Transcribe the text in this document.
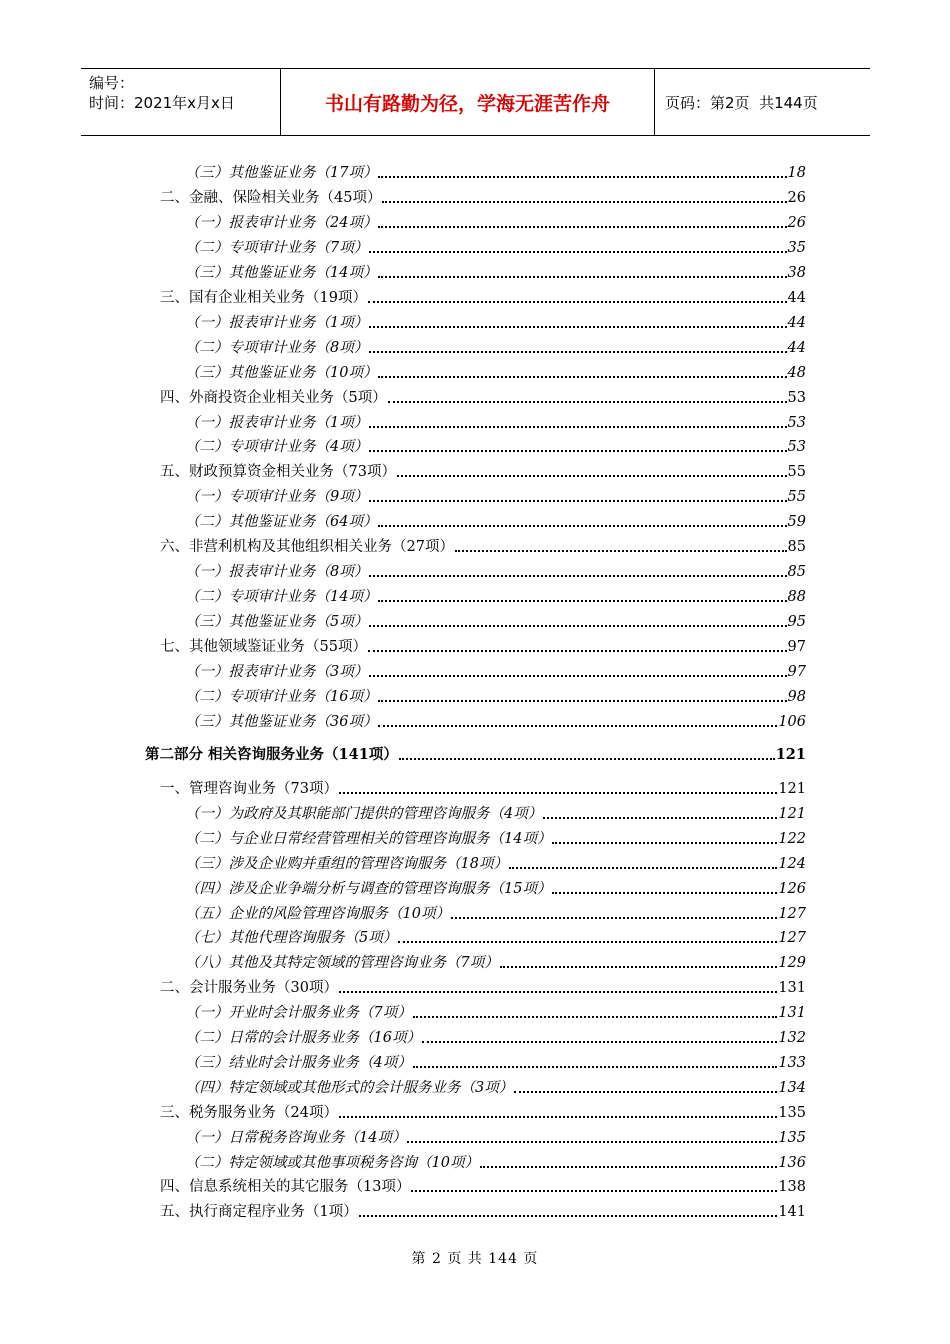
编号：
时间：2021年x月x日	书山有路勤为径，学海无涯苦作舟	页码：第2页  共144页
（三）其他鉴证业务（17项）	18
二、金融、保险相关业务（45项）	26
（一）报表审计业务（24项）	26
（二）专项审计业务（7项）	35
（三）其他鉴证业务（14项）	38
三、国有企业相关业务（19项）	44
（一）报表审计业务（1项）	44
（二）专项审计业务（8项）	44
（三）其他鉴证业务（10项）	48
四、外商投资企业相关业务（5项）	53
（一）报表审计业务（1项）	53
（二）专项审计业务（4项）	53
五、财政预算资金相关业务（73项）	55
（一）专项审计业务（9项）	55
（二）其他鉴证业务（64项）	59
六、非营利机构及其他组织相关业务（27项）	85
（一）报表审计业务（8项）	85
（二）专项审计业务（14项）	88
（三）其他鉴证业务（5项）	95
七、其他领域鉴证业务（55项）	97
（一）报表审计业务（3项）	97
（二）专项审计业务（16项）	98
（三）其他鉴证业务（36项）	106
第二部分 相关咨询服务业务（141项）	121
一、管理咨询业务（73项）	121
（一）为政府及其职能部门提供的管理咨询服务（4项）	121
（二）与企业日常经营管理相关的管理咨询服务（14项）	122
（三）涉及企业购并重组的管理咨询服务（18项）	124
（四）涉及企业争端分析与调查的管理咨询服务（15项）	126
（五）企业的风险管理咨询服务（10项）	127
（七）其他代理咨询服务（5项）	127
（八）其他及其特定领域的管理咨询业务（7项）	129
二、会计服务业务（30项）	131
（一）开业时会计服务业务（7项）	131
（二）日常的会计服务业务（16项）	132
（三）结业时会计服务业务（4项）	133
（四）特定领域或其他形式的会计服务业务（3项）	134
三、税务服务业务（24项）	135
（一）日常税务咨询业务（14项）	135
（二）特定领域或其他事项税务咨询（10项）	136
四、信息系统相关的其它服务（13项）	138
五、执行商定程序业务（1项）	141
第 2 页 共 144 页
